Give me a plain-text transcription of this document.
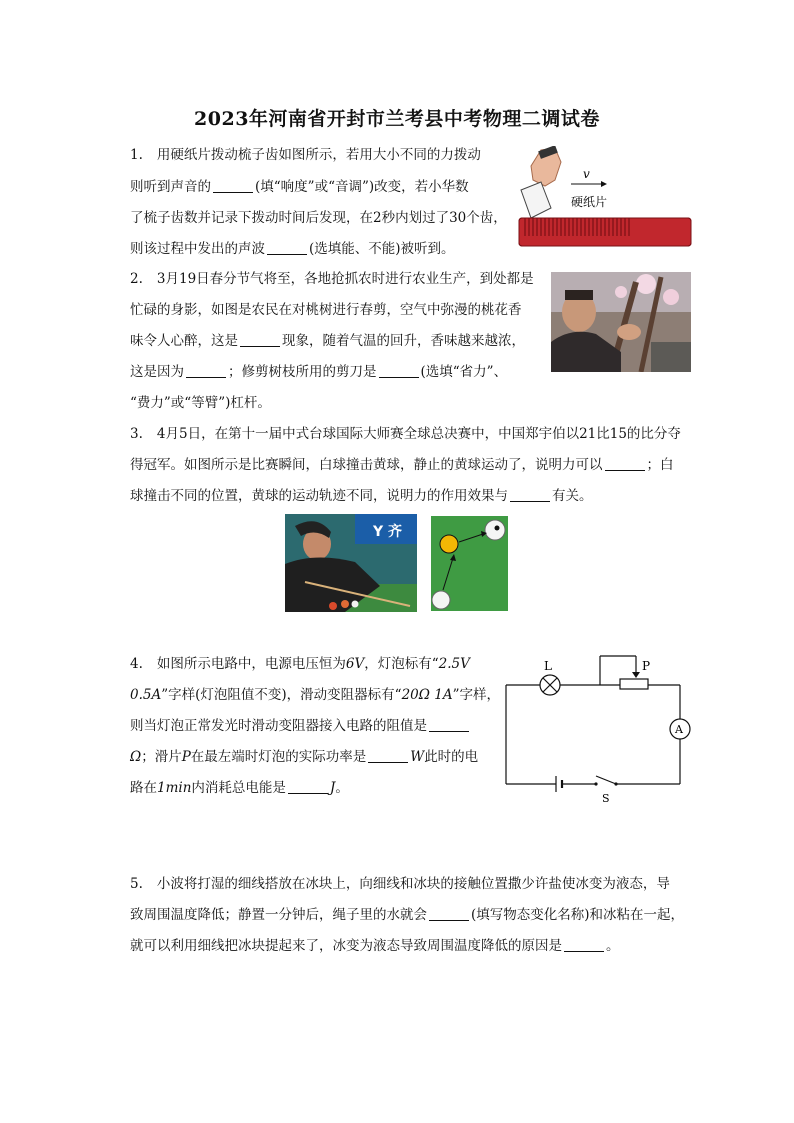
2023年河南省开封市兰考县中考物理二调试卷
1. 用硬纸片拨动梳子齿如图所示，若用大小不同的力拨动
则听到声音的	(填“响度”或“音调”)改变，若小华数
了梳子齿数并记录下拨动时间后发现，在2秒内划过了30个齿，
则该过程中发出的声波	(选填能、不能)被听到。
v
硬纸片
2. 3月19日春分节气将至，各地抢抓农时进行农业生产，到处都是
忙碌的身影，如图是农民在对桃树进行春剪，空气中弥漫的桃花香
味令人心醉，这是	现象，随着气温的回升，香味越来越浓，
这是因为	；修剪树枝所用的剪刀是	(选填“省力”、
“费力”或“等臂”)杠杆。
3. 4月5日，在第十一届中式台球国际大师赛全球总决赛中，中国郑宇伯以21比15的比分夺
得冠军。如图所示是比赛瞬间，白球撞击黄球，静止的黄球运动了，说明力可以	；白
球撞击不同的位置，黄球的运动轨迹不同，说明力的作用效果与	有关。
Y 齐
4. 如图所示电路中，电源电压恒为6V，灯泡标有“2.5V
0.5A”字样(灯泡阻值不变)，滑动变阻器标有“20Ω 1A”字样，
则当灯泡正常发光时滑动变阻器接入电路的阻值是
Ω；滑片P在最左端时灯泡的实际功率是	W此时的电
路在1min内消耗总电能是	J。
L	P
A
S
5. 小波将打湿的细线搭放在冰块上，向细线和冰块的接触位置撒少许盐使冰变为液态，导
致周围温度降低；静置一分钟后，绳子里的水就会	(填写物态变化名称)和冰粘在一起，
就可以利用细线把冰块提起来了，冰变为液态导致周围温度降低的原因是	。
